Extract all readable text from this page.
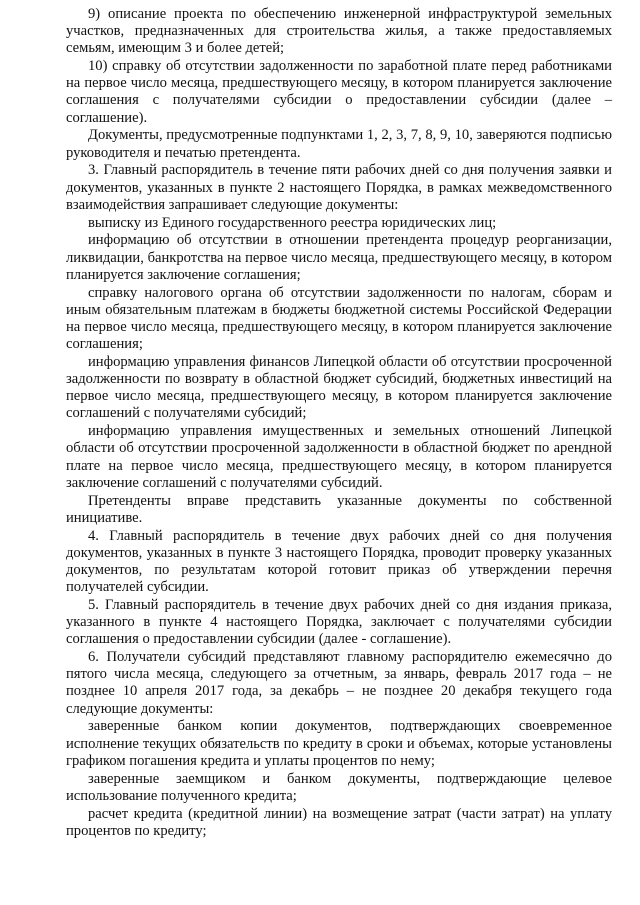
9) описание проекта по обеспечению инженерной инфраструктурой земельных участков, предназначенных для строительства жилья, а также предоставляемых семьям, имеющим 3 и более детей;

10) справку об отсутствии задолженности по заработной плате перед работниками на первое число месяца, предшествующего месяцу, в котором планируется заключение соглашения с получателями субсидии о предоставлении субсидии (далее – соглашение).

Документы, предусмотренные подпунктами 1, 2, 3, 7, 8, 9, 10, заверяются подписью руководителя и печатью претендента.

3. Главный распорядитель в течение пяти рабочих дней со дня получения заявки и документов, указанных в пункте 2 настоящего Порядка, в рамках межведомственного взаимодействия запрашивает следующие документы:

выписку из Единого государственного реестра юридических лиц;

информацию об отсутствии в отношении претендента процедур реорганизации, ликвидации, банкротства на первое число месяца, предшествующего месяцу, в котором планируется заключение соглашения;

справку налогового органа об отсутствии задолженности по налогам, сборам и иным обязательным платежам в бюджеты бюджетной системы Российской Федерации на первое число месяца, предшествующего месяцу, в котором планируется заключение соглашения;

информацию управления финансов Липецкой области об отсутствии просроченной задолженности по возврату в областной бюджет субсидий, бюджетных инвестиций на первое число месяца, предшествующего месяцу, в котором планируется заключение соглашений с получателями субсидий;

информацию управления имущественных и земельных отношений Липецкой области об отсутствии просроченной задолженности в областной бюджет по арендной плате на первое число месяца, предшествующего месяцу, в котором планируется заключение соглашений с получателями субсидий.

Претенденты вправе представить указанные документы по собственной инициативе.

4. Главный распорядитель в течение двух рабочих дней со дня получения документов, указанных в пункте 3 настоящего Порядка, проводит проверку указанных документов, по результатам которой готовит приказ об утверждении перечня получателей субсидии.

5. Главный распорядитель в течение двух рабочих дней со дня издания приказа, указанного в пункте 4 настоящего Порядка, заключает с получателями субсидии соглашения о предоставлении субсидии (далее - соглашение).

6. Получатели субсидий представляют главному распорядителю ежемесячно до пятого числа месяца, следующего за отчетным, за январь, февраль 2017 года – не позднее 10 апреля 2017 года, за декабрь – не позднее 20 декабря текущего года следующие документы:

заверенные банком копии документов, подтверждающих своевременное исполнение текущих обязательств по кредиту в сроки и объемах, которые установлены графиком погашения кредита и уплаты процентов по нему;

заверенные заемщиком и банком документы, подтверждающие целевое использование полученного кредита;

расчет кредита (кредитной линии) на возмещение затрат (части затрат) на уплату процентов по кредиту;
